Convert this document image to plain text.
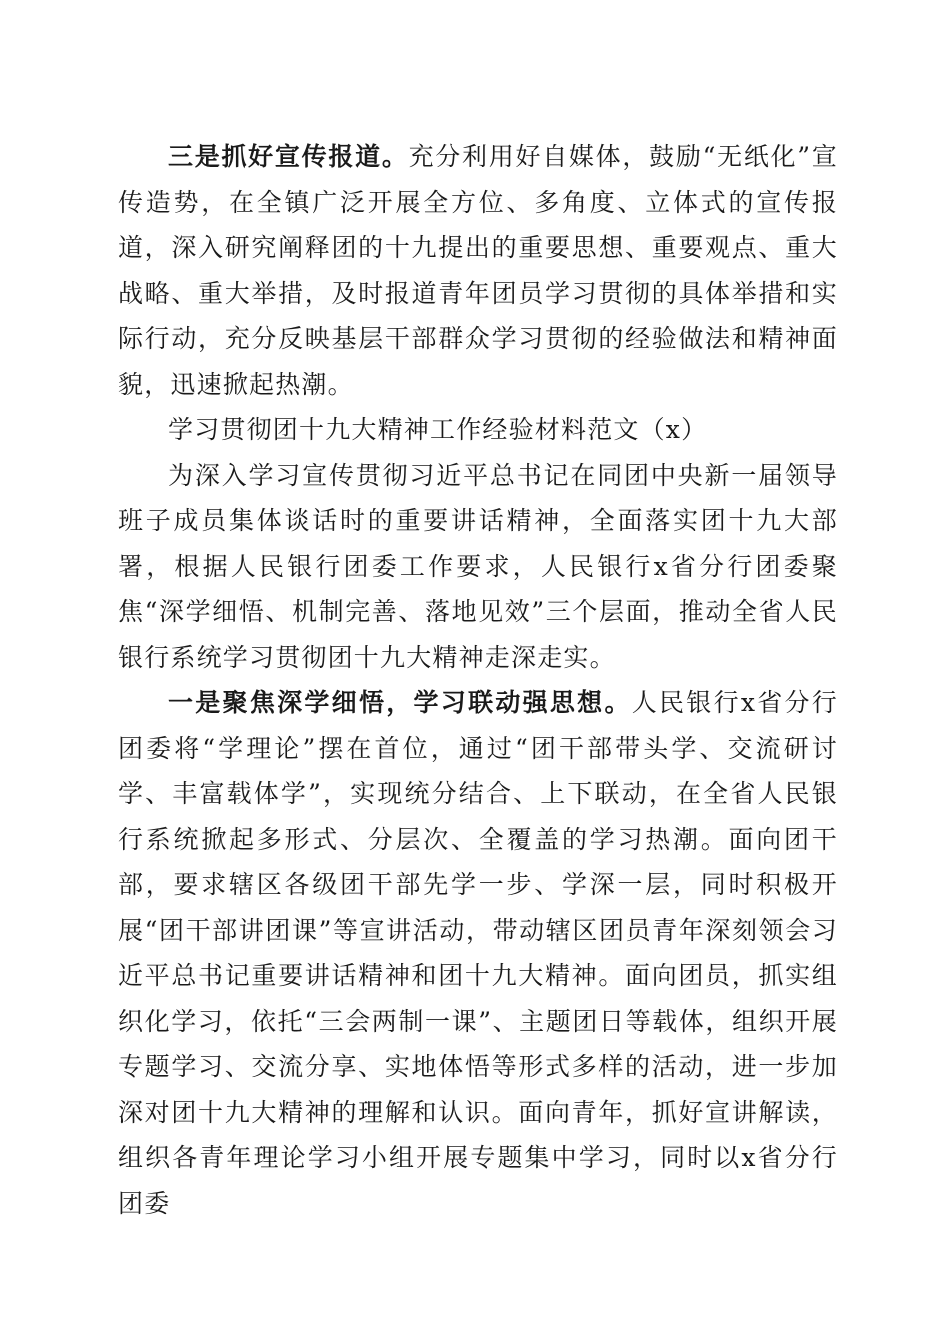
三是抓好宣传报道。充分利用好自媒体，鼓励“无纸化”宣传造势，在全镇广泛开展全方位、多角度、立体式的宣传报道，深入研究阐释团的十九提出的重要思想、重要观点、重大战略、重大举措，及时报道青年团员学习贯彻的具体举措和实际行动，充分反映基层干部群众学习贯彻的经验做法和精神面貌，迅速掀起热潮。

学习贯彻团十九大精神工作经验材料范文（x）

为深入学习宣传贯彻习近平总书记在同团中央新一届领导班子成员集体谈话时的重要讲话精神，全面落实团十九大部署，根据人民银行团委工作要求，人民银行x省分行团委聚焦“深学细悟、机制完善、落地见效”三个层面，推动全省人民银行系统学习贯彻团十九大精神走深走实。

一是聚焦深学细悟，学习联动强思想。人民银行x省分行团委将“学理论”摆在首位，通过“团干部带头学、交流研讨学、丰富载体学”，实现统分结合、上下联动，在全省人民银行系统掀起多形式、分层次、全覆盖的学习热潮。面向团干部，要求辖区各级团干部先学一步、学深一层，同时积极开展“团干部讲团课”等宣讲活动，带动辖区团员青年深刻领会习近平总书记重要讲话精神和团十九大精神。面向团员，抓实组织化学习，依托“三会两制一课”、主题团日等载体，组织开展专题学习、交流分享、实地体悟等形式多样的活动，进一步加深对团十九大精神的理解和认识。面向青年，抓好宣讲解读，组织各青年理论学习小组开展专题集中学习，同时以x省分行团委
